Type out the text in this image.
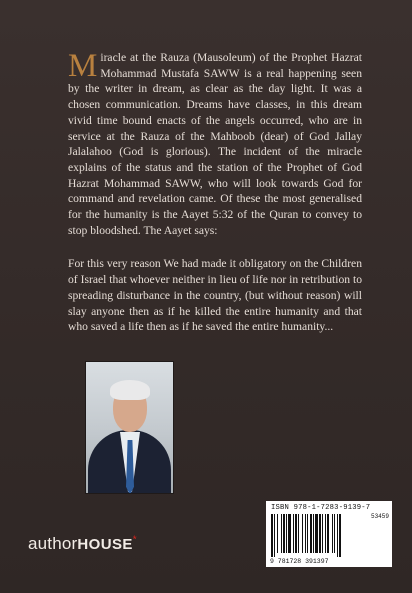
Miracle at the Rauza (Mausoleum) of the Prophet Hazrat Mohammad Mustafa SAWW is a real happening seen by the writer in dream, as clear as the day light. It was a chosen communication. Dreams have classes, in this dream vivid time bound enacts of the angels occurred, who are in service at the Rauza of the Mahboob (dear) of God Jallay Jalalahoo (God is glorious). The incident of the miracle explains of the status and the station of the Prophet of God Hazrat Mohammad SAWW, who will look towards God for command and revelation came. Of these the most generalised for the humanity is the Aayet 5:32 of the Quran to convey to stop bloodshed. The Aayet says:

For this very reason We had made it obligatory on the Children of Israel that whoever neither in lieu of life nor in retribution to spreading disturbance in the country, (but without reason) will slay anyone then as if he killed the entire humanity and that who saved a life then as if he saved the entire humanity...

ISBN 978-1-7283-9139-7
53459
9 781728 391397
authorHOUSE*
